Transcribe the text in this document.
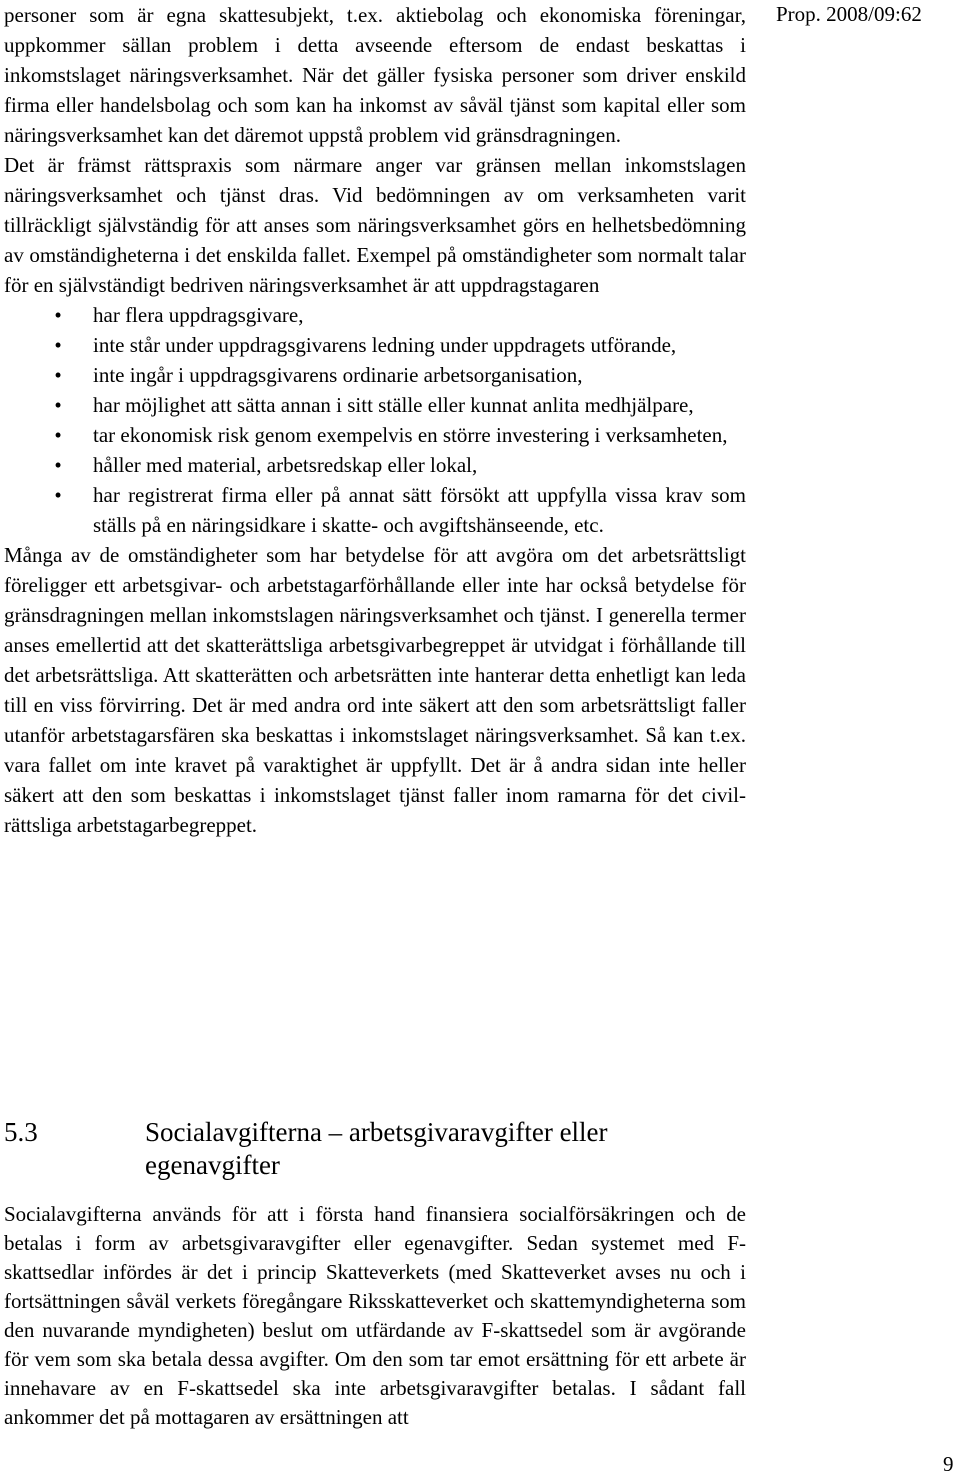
Prop. 2008/09:62

personer som är egna skattesubjekt, t.ex. aktiebolag och ekonomiska föreningar, uppkommer sällan problem i detta avseende eftersom de endast beskattas i inkomstslaget näringsverksamhet. När det gäller fysiska personer som driver enskild firma eller handelsbolag och som kan ha inkomst av såväl tjänst som kapital eller som näringsverksamhet kan det däremot uppstå problem vid gränsdragningen.

Det är främst rättspraxis som närmare anger var gränsen mellan inkomstslagen näringsverksamhet och tjänst dras. Vid bedömningen av om verksamheten varit tillräckligt självständig för att anses som näringsverksamhet görs en helhetsbedömning av omständigheterna i det enskilda fallet. Exempel på omständigheter som normalt talar för en självständigt bedriven näringsverksamhet är att uppdragstagaren

•	har flera uppdragsgivare,
•	inte står under uppdragsgivarens ledning under uppdragets utförande,
•	inte ingår i uppdragsgivarens ordinarie arbetsorganisation,
•	har möjlighet att sätta annan i sitt ställe eller kunnat anlita medhjälpare,
•	tar ekonomisk risk genom exempelvis en större investering i verksamheten,
•	håller med material, arbetsredskap eller lokal,
•	har registrerat firma eller på annat sätt försökt att uppfylla vissa krav som ställs på en näringsidkare i skatte- och avgiftshänseende, etc.

Många av de omständigheter som har betydelse för att avgöra om det arbetsrättsligt föreligger ett arbetsgivar- och arbetstagarförhållande eller inte har också betydelse för gränsdragningen mellan inkomstslagen näringsverksamhet och tjänst. I generella termer anses emellertid att det skatterättsliga arbetsgivarbegreppet är utvidgat i förhållande till det arbetsrättsliga. Att skatterätten och arbetsrätten inte hanterar detta enhetligt kan leda till en viss förvirring. Det är med andra ord inte säkert att den som arbetsrättsligt faller utanför arbetstagarsfären ska beskattas i inkomstslaget näringsverksamhet. Så kan t.ex. vara fallet om inte kravet på varaktighet är uppfyllt. Det är å andra sidan inte heller säkert att den som beskattas i inkomstslaget tjänst faller inom ramarna för det civilrättsliga arbetstagarbegreppet.

5.3	Socialavgifterna – arbetsgivaravgifter eller egenavgifter

Socialavgifterna används för att i första hand finansiera socialförsäkringen och de betalas i form av arbetsgivaravgifter eller egenavgifter. Sedan systemet med F-skattsedlar infördes är det i princip Skatteverkets (med Skatteverket avses nu och i fortsättningen såväl verkets föregångare Riksskatteverket och skattemyndigheterna som den nuvarande myndigheten) beslut om utfärdande av F-skattsedel som är avgörande för vem som ska betala dessa avgifter. Om den som tar emot ersättning för ett arbete är innehavare av en F-skattsedel ska inte arbetsgivaravgifter betalas. I sådant fall ankommer det på mottagaren av ersättningen att

9
